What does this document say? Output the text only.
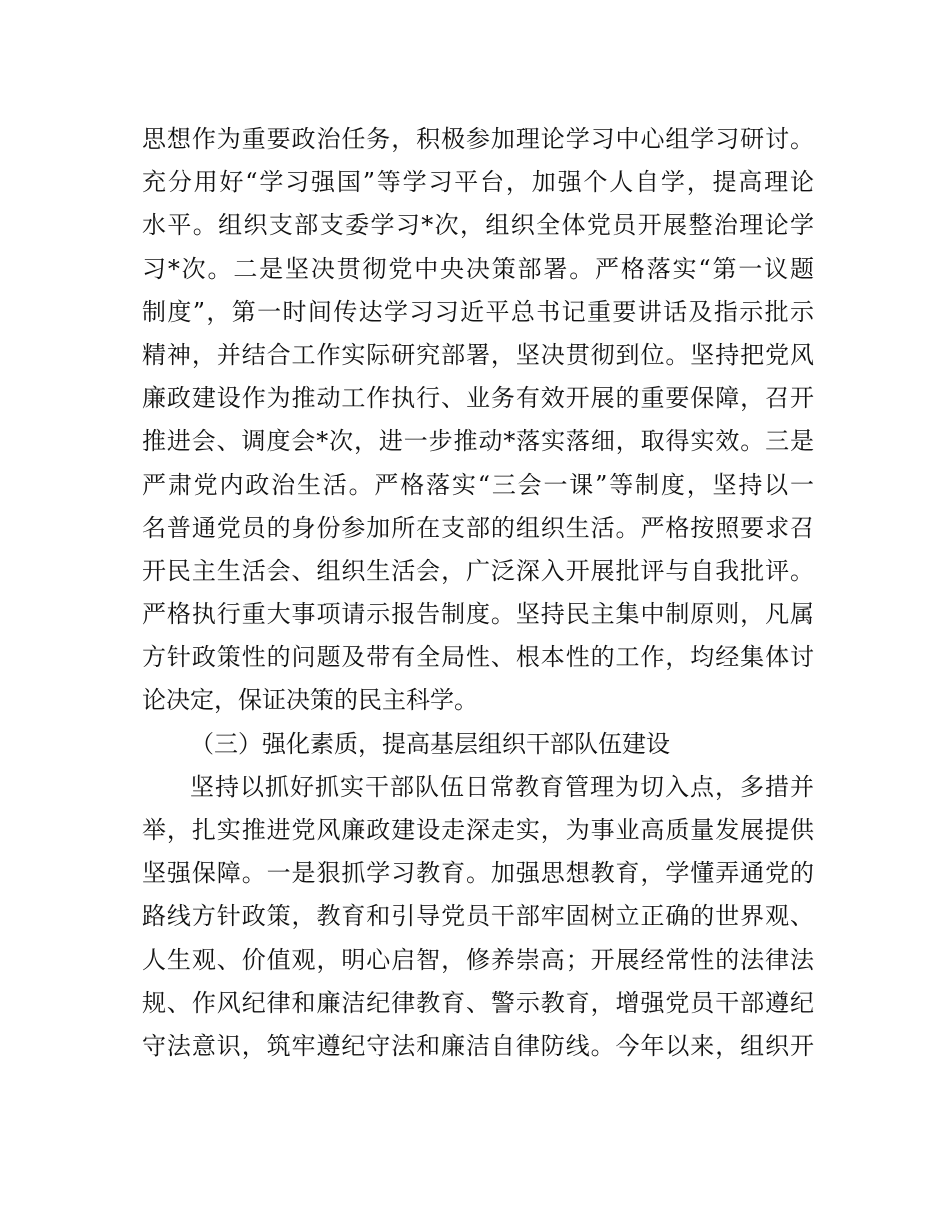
思想作为重要政治任务，积极参加理论学习中心组学习研讨。
充分用好“学习强国”等学习平台，加强个人自学，提高理论
水平。组织支部支委学习*次，组织全体党员开展整治理论学
习*次。二是坚决贯彻党中央决策部署。严格落实“第一议题
制度”，第一时间传达学习习近平总书记重要讲话及指示批示
精神，并结合工作实际研究部署，坚决贯彻到位。坚持把党风
廉政建设作为推动工作执行、业务有效开展的重要保障，召开
推进会、调度会*次，进一步推动*落实落细，取得实效。三是
严肃党内政治生活。严格落实“三会一课”等制度，坚持以一
名普通党员的身份参加所在支部的组织生活。严格按照要求召
开民主生活会、组织生活会，广泛深入开展批评与自我批评。
严格执行重大事项请示报告制度。坚持民主集中制原则，凡属
方针政策性的问题及带有全局性、根本性的工作，均经集体讨
论决定，保证决策的民主科学。
（三）强化素质，提高基层组织干部队伍建设
坚持以抓好抓实干部队伍日常教育管理为切入点，多措并
举，扎实推进党风廉政建设走深走实，为事业高质量发展提供
坚强保障。一是狠抓学习教育。加强思想教育，学懂弄通党的
路线方针政策，教育和引导党员干部牢固树立正确的世界观、
人生观、价值观，明心启智，修养崇高；开展经常性的法律法
规、作风纪律和廉洁纪律教育、警示教育，增强党员干部遵纪
守法意识，筑牢遵纪守法和廉洁自律防线。今年以来，组织开
